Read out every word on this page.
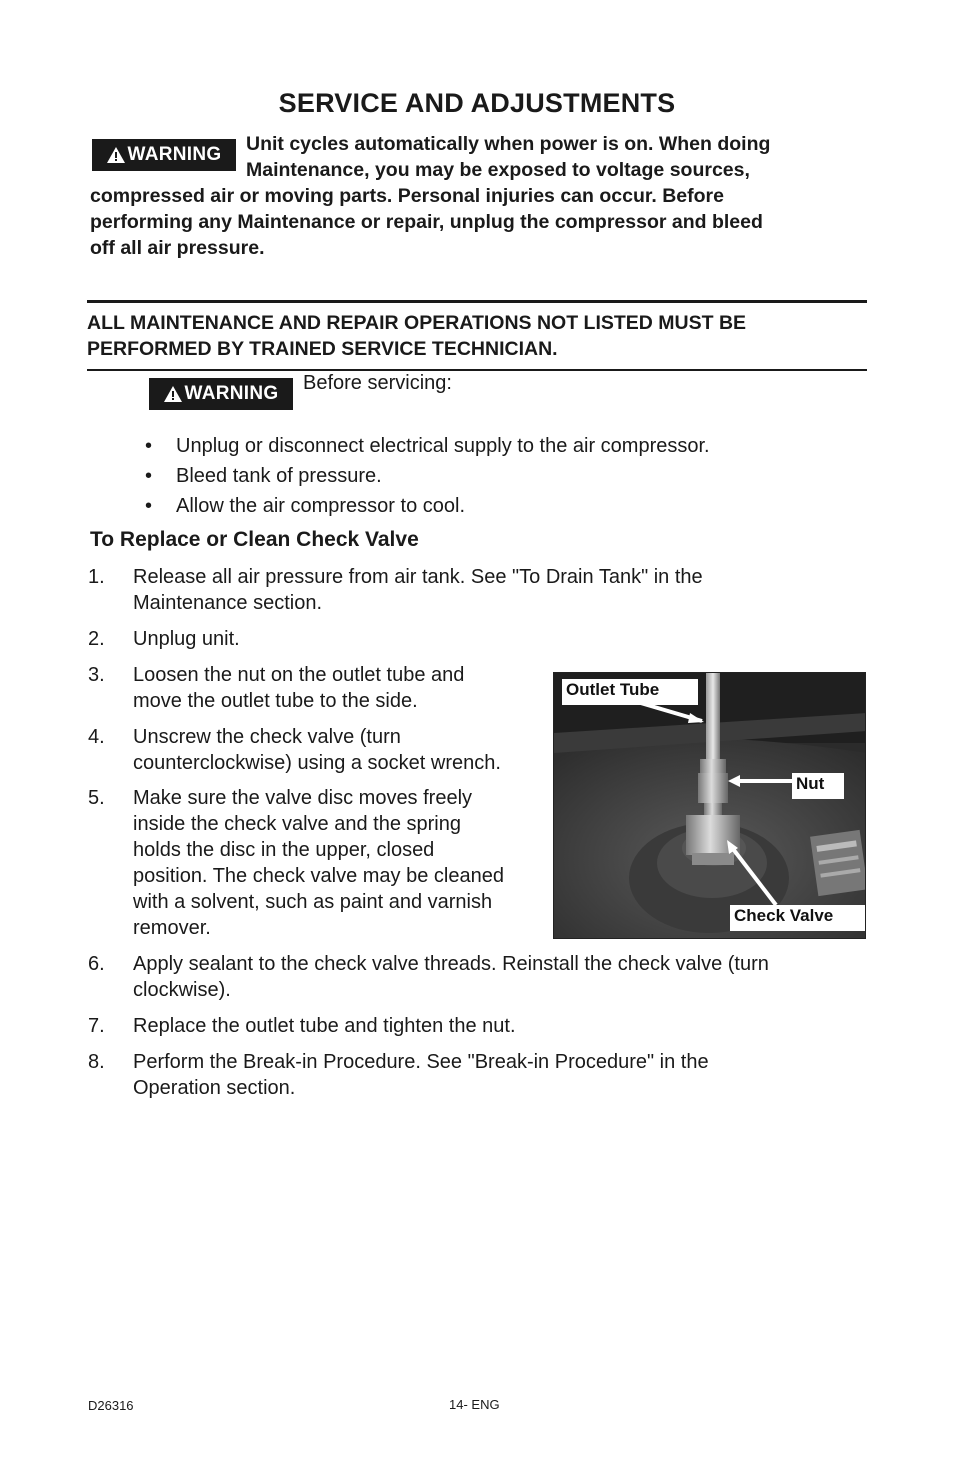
SERVICE AND ADJUSTMENTS
WARNING Unit cycles automatically when power is on. When doing
Maintenance, you may be exposed to voltage sources,
compressed air or moving parts. Personal injuries can occur. Before
performing any Maintenance or repair, unplug the compressor and bleed
off all air pressure.
ALL MAINTENANCE AND REPAIR OPERATIONS NOT LISTED MUST BE
PERFORMED BY TRAINED SERVICE TECHNICIAN.
WARNING Before servicing:
• Unplug or disconnect electrical supply to the air compressor.
• Bleed tank of pressure.
• Allow the air compressor to cool.
To Replace or Clean Check Valve
1. Release all air pressure from air tank. See "To Drain Tank" in the
Maintenance section.
2. Unplug unit.
3. Loosen the nut on the outlet tube and
move the outlet tube to the side.
4. Unscrew the check valve (turn
counterclockwise) using a socket wrench.
5. Make sure the valve disc moves freely
inside the check valve and the spring
holds the disc in the upper, closed
position. The check valve may be cleaned
with a solvent, such as paint and varnish
remover.
6. Apply sealant to the check valve threads. Reinstall the check valve (turn
clockwise).
7. Replace the outlet tube and tighten the nut.
8. Perform the Break-in Procedure. See "Break-in Procedure" in the
Operation section.
Outlet Tube
Nut
Check Valve
D26316	14- ENG
